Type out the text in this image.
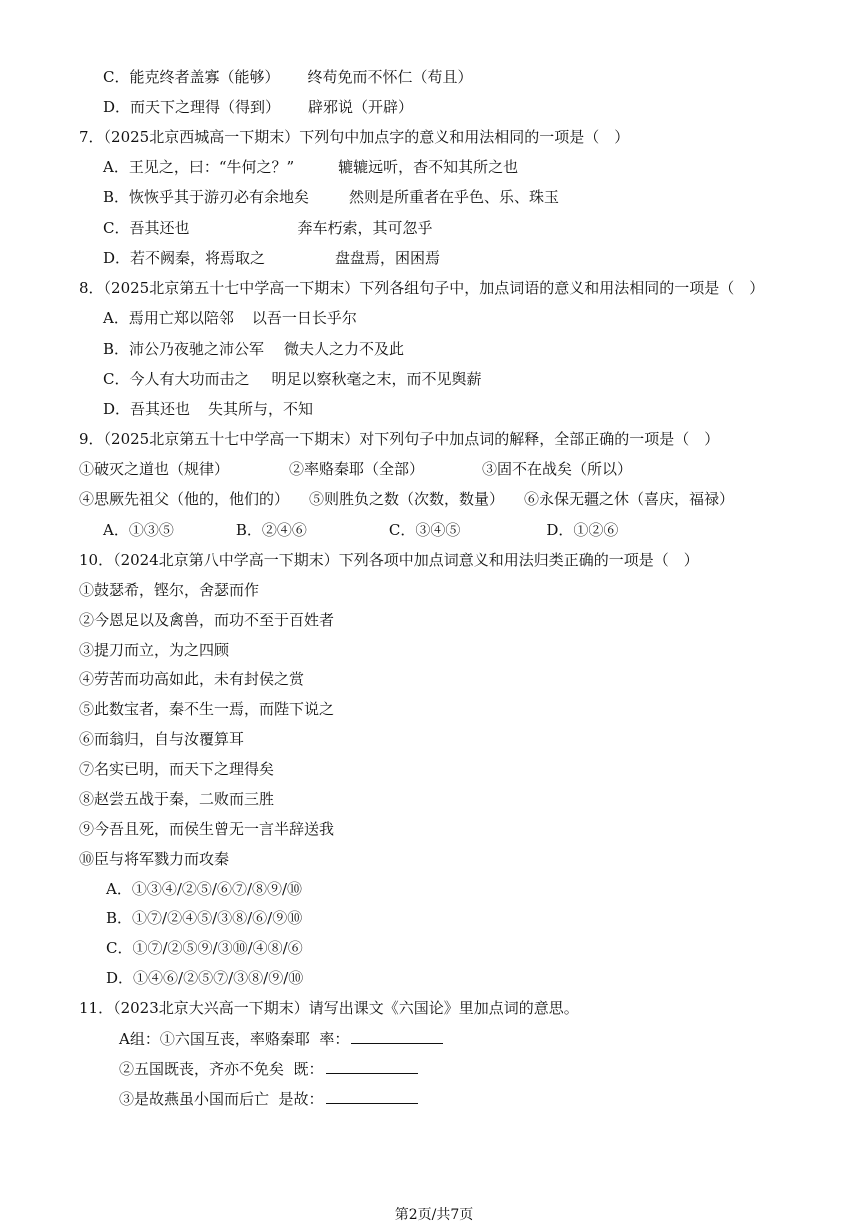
C．能克终者盖寡（能够） 终苟免而不怀仁（苟且）
D．而天下之理得（得到） 辟邪说（开辟）
7．（2025北京西城高一下期末）下列句中加点字的意义和用法相同的一项是（　）
A．王见之，曰：“牛何之？”	辘辘远听，杳不知其所之也
B．恢恢乎其于游刃必有余地矣	然则是所重者在乎色、乐、珠玉
C．吾其还也	奔车朽索，其可忽乎
D．若不阙秦，将焉取之	盘盘焉，困困焉
8．（2025北京第五十七中学高一下期末）下列各组句子中，加点词语的意义和用法相同的一项是（　）
A．焉用亡郑以陪邻 以吾一日长乎尔
B．沛公乃夜驰之沛公军 微夫人之力不及此
C．今人有大功而击之 明足以察秋毫之末，而不见舆薪
D．吾其还也 失其所与，不知
9．（2025北京第五十七中学高一下期末）对下列句子中加点词的解释，全部正确的一项是（　）
①破灭之道也（规律）	②率赂秦耶（全部）	③固不在战矣（所以）
④思厥先祖父（他的，他们的） ⑤则胜负之数（次数，数量） ⑥永保无疆之休（喜庆，福禄）
A．①③⑤	B．②④⑥	C．③④⑤	D．①②⑥
10．（2024北京第八中学高一下期末）下列各项中加点词意义和用法归类正确的一项是（　）
①鼓瑟希，铿尔，舍瑟而作
②今恩足以及禽兽，而功不至于百姓者
③提刀而立，为之四顾
④劳苦而功高如此，未有封侯之赏
⑤此数宝者，秦不生一焉，而陛下说之
⑥而翁归，自与汝覆算耳
⑦名实已明，而天下之理得矣
⑧赵尝五战于秦，二败而三胜
⑨今吾且死，而侯生曾无一言半辞送我
⑩臣与将军戮力而攻秦
A．①③④/②⑤/⑥⑦/⑧⑨/⑩
B．①⑦/②④⑤/③⑧/⑥/⑨⑩
C．①⑦/②⑤⑨/③⑩/④⑧/⑥
D．①④⑥/②⑤⑦/③⑧/⑨/⑩
11．（2023北京大兴高一下期末）请写出课文《六国论》里加点词的意思。
A组：①六国互丧，率赂秦耶  率：
②五国既丧，齐亦不免矣  既：
③是故燕虽小国而后亡  是故：
第2页/共7页
